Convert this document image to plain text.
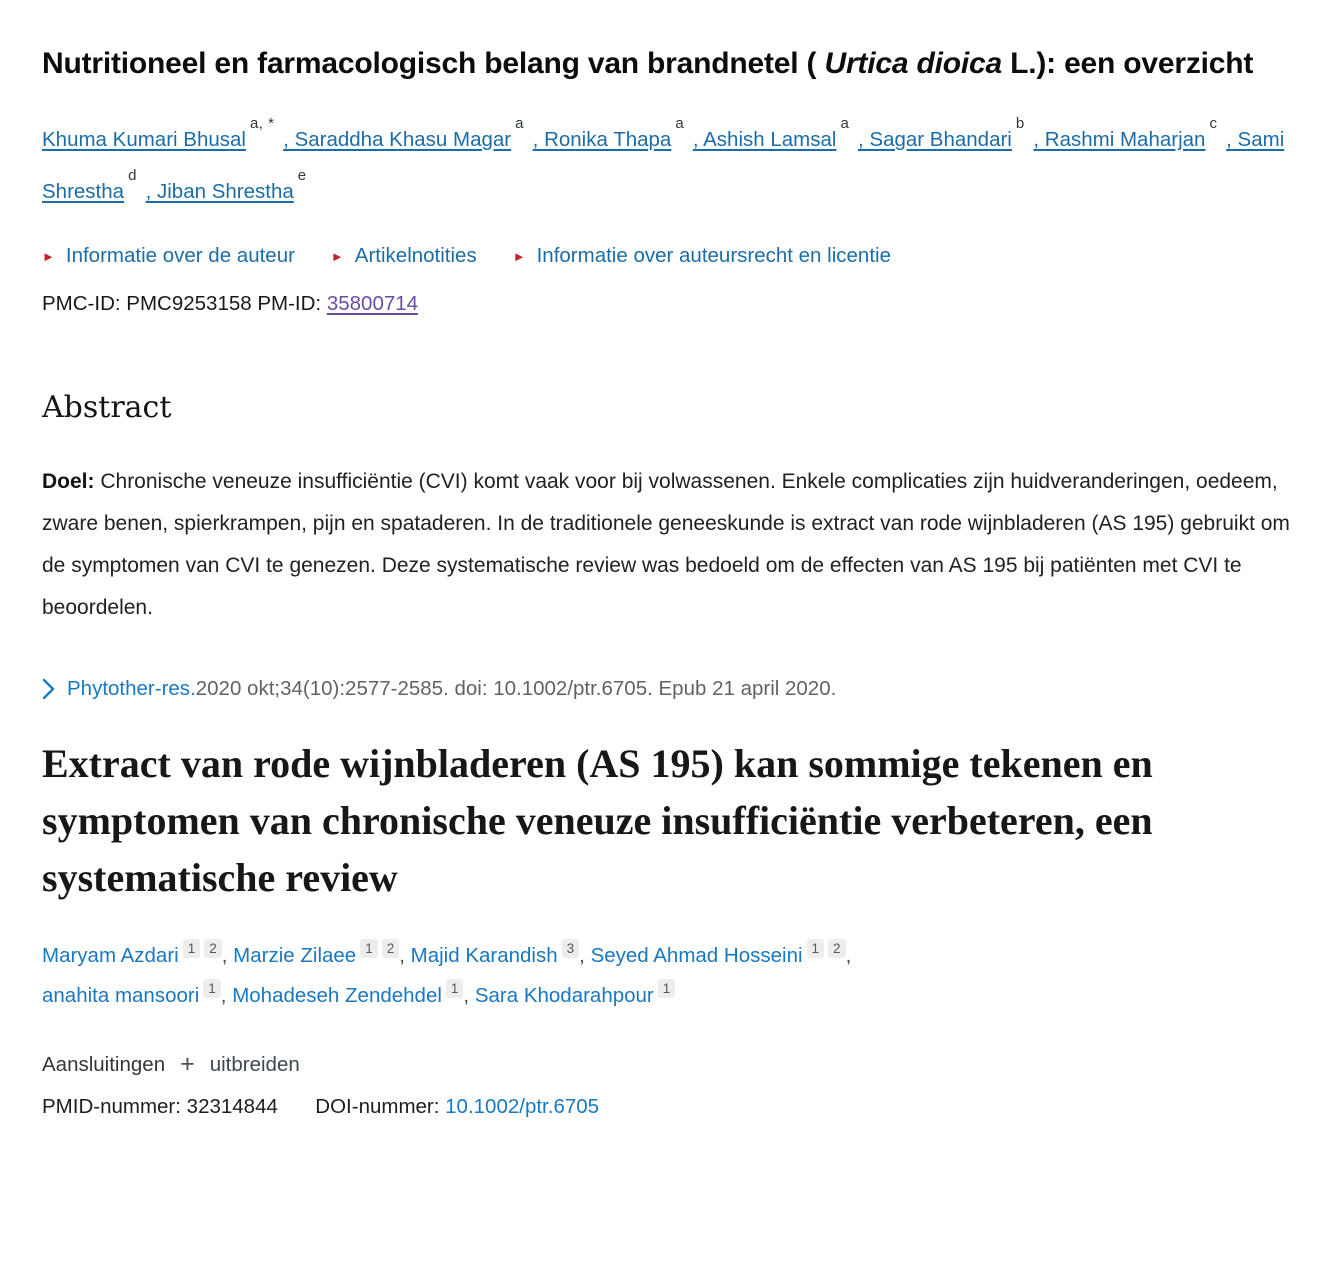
Nutritioneel en farmacologisch belang van brandnetel ( Urtica dioica L.): een overzicht
Khuma Kumari Bhusal$^{a, *}$ , Saraddha Khasu Magar$^a$ , Ronika Thapa$^a$ , Ashish Lamsal$^a$ , Sagar Bhandari$^b$ , Rashmi Maharjan$^c$ , Sami Shrestha$^d$ , Jiban Shrestha$^e$
► Informatie over de auteur	► Artikelnotities	► Informatie over auteursrecht en licentie
PMC-ID: PMC9253158 PM-ID: 35800714
Abstract

Doel: Chronische veneuze insufficiëntie (CVI) komt vaak voor bij volwassenen. Enkele complicaties zijn huidveranderingen, oedeem, zware benen, spierkrampen, pijn en spataderen. In de traditionele geneeskunde is extract van rode wijnbladeren (AS 195) gebruikt om de symptomen van CVI te genezen. Deze systematische review was bedoeld om de effecten van AS 195 bij patiënten met CVI te beoordelen.

Phytother-res.2020 okt;34(10):2577-2585. doi: 10.1002/ptr.6705. Epub 21 april 2020.
Extract van rode wijnbladeren (AS 195) kan sommige tekenen en symptomen van chronische veneuze insufficiëntie verbeteren, een systematische review
Maryam Azdari $^1$ $^2$ , Marzie Zilaee $^1$ $^2$ , Majid Karandish $^3$ , Seyed Ahmad Hosseini $^1$ $^2$ ,
anahita mansoori $^1$ , Mohadeseh Zendehdel $^1$ , Sara Khodarahpour $^1$
Aansluitingen + uitbreiden
PMID-nummer: 32314844 DOI-nummer: 10.1002/ptr.6705
